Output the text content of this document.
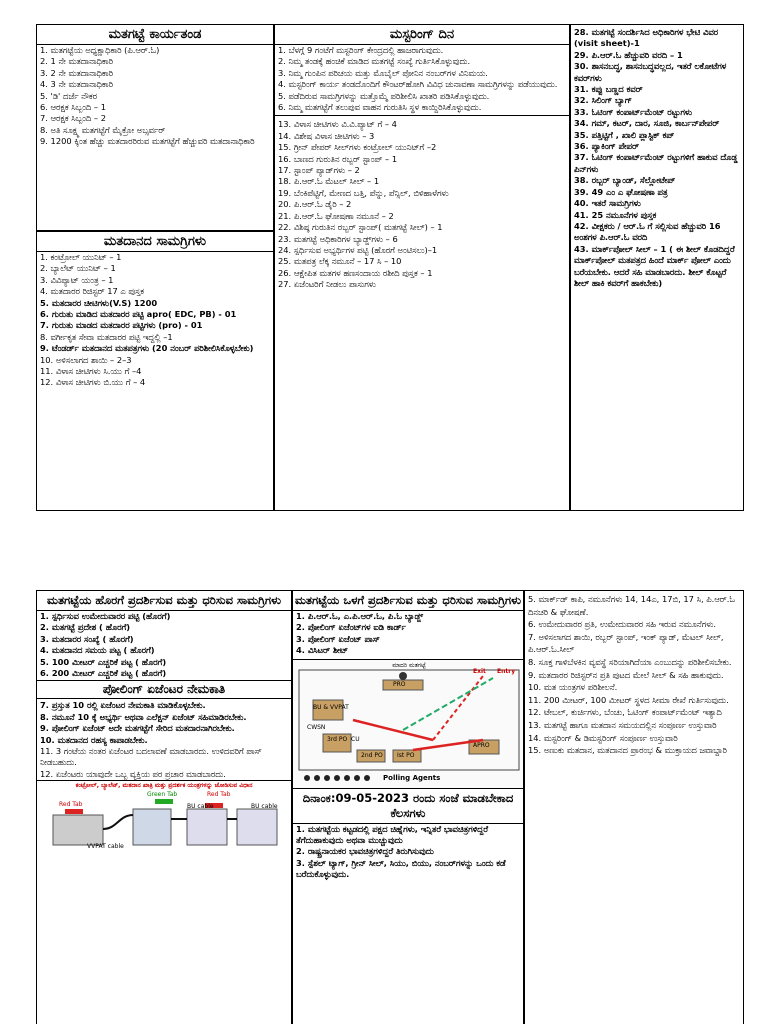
ಮತಗಟ್ಟೆ ಕಾರ್ಯತಂಡ
1. ಮತಗಟ್ಟೆಯ ಅಧ್ಯಕ್ಷಾಧಿಕಾರಿ (ಪಿ.ಆರ್.ಓ)
2. 1 ನೇ ಮತದಾನಾಧಿಕಾರಿ
3. 2 ನೇ ಮತದಾನಾಧಿಕಾರಿ
4. 3 ನೇ ಮತದಾನಾಧಿಕಾರಿ
5. 'ಡಿ' ದರ್ಜೆ ನೌಕರ
6. ಆರಕ್ಷಕ ಸಿಬ್ಬಂದಿ – 1
7. ಆರಕ್ಷಕ ಸಿಬ್ಬಂದಿ – 2
8. ಅತಿ ಸೂಕ್ಷ್ಮ ಮತಗಟ್ಟೆಗೆ ಮೈಕ್ರೋ ಅಬ್ಸರ್ವರ್
9. 1200 ಕ್ಕಿಂತ ಹೆಚ್ಚು ಮತದಾರರಿರುವ ಮತಗಟ್ಟೆಗೆ ಹೆಚ್ಚುವರಿ ಮತದಾನಾಧಿಕಾರಿ
ಮತದಾನದ ಸಾಮಗ್ರಿಗಳು
1. ಕಂಟ್ರೋಲ್ ಯುನಿಟ್ – 1
2. ಬ್ಯಾಲೆಟ್ ಯುನಿಟ್ – 1
3. ವಿವಿಪ್ಯಾಟ್ ಯಂತ್ರ – 1
4. ಮತದಾರರ ರಿಜಿಸ್ಟರ್ 17 ಎ ಪುಸ್ತಕ
5. ಮತದಾರರ ಚೀಟಿಗಳು(V.S) 1200
6. ಗುರುತು ಮಾಡಿದ ಮತದಾರರ ಪಟ್ಟಿ apro( EDC, PB) - 01
7. ಗುರುತು ಮಾಡದ ಮತದಾರರ ಪಟ್ಟಿಗಳು (pro) - 01
8. ವರ್ಗೀಕೃತ ಸೇವಾ ಮತದಾರರ ಪಟ್ಟಿ ಇದ್ದಲ್ಲಿ –1
9. ಟೆಂಡರ್ಡ್ ಮತದಾನದ ಮತಪತ್ರಗಳು (20 ನಂಬರ್ ಪರಿಶೀಲಿಸಿಕೊಳ್ಳಬೇಕು)
10. ಅಳಿಸಲಾಗದ ಶಾಯಿ – 2–3
11. ವಿಳಾಸ ಚೀಟಿಗಳು ಸಿ.ಯು ಗೆ –4
12. ವಿಳಾಸ ಚೀಟಿಗಳು ಬಿ.ಯು ಗೆ – 4
ಮಸ್ಟರಿಂಗ್ ದಿನ
1. ಬೆಳಗ್ಗೆ 9 ಗಂಟೆಗೆ ಮಸ್ಟರಿಂಗ್ ಕೇಂದ್ರದಲ್ಲಿ ಹಾಜರಾಗುವುದು.
2. ನಿಮ್ಮ ತಂಡಕ್ಕೆ ಹಂಚಿಕೆ ಮಾಡಿದ ಮತಗಟ್ಟೆ ಸಂಖ್ಯೆ ಗುರ್ತಿಸಿಕೊಳ್ಳುವುದು.
3. ನಿಮ್ಮ ಗುಂಪಿನ ಪರಿಚಯ ಮತ್ತು ಮೊಬೈಲ್ ಪೋನಿನ ನಂಬರ್‌ಗಳ ವಿನಿಮಯ.
4. ಮಸ್ಟರಿಂಗ್ ಕಾರ್ಯ ತಂಡದೊಂದಿಗೆ ಕೌಂಟರ್‌ಹೋಗಿ ವಿವಿಧ ಚುನಾವಣಾ ಸಾಮಗ್ರಿಗಳನ್ನು ಪಡೆಯುವುದು.
5. ಪಡೆದಿರುವ ಸಾಮಗ್ರಿಗಳನ್ನು ಮತ್ತೊಮ್ಮೆ ಪರಿಶೀಲಿಸಿ ಖಾತರಿ ಪಡಿಸಿಕೊಳ್ಳುವುದು.
6. ನಿಮ್ಮ ಮತಗಟ್ಟೆಗೆ ತಲುಪುವ ವಾಹನ ಗುರುತಿಸಿ ಸ್ಥಳ ಕಾಯ್ದಿರಿಸಿಕೊಳ್ಳುವುದು.
13. ವಿಳಾಸ ಚೀಟಿಗಳು ವಿ.ವಿ.ಪ್ಯಾಟ್ ಗೆ – 4
14. ವಿಶೇಷ ವಿಳಾಸ ಚೀಟಿಗಳು – 3
15. ಗ್ರೀನ್ ಪೇಪರ್ ಸೀಲ್‌ಗಳು ಕಂಟ್ರೋಲ್ ಯುನಿಟ್‌ಗೆ –2
16. ಬಾಣದ ಗುರುತಿನ ರಬ್ಬರ್ ಸ್ಟಾಂಪ್ – 1
17. ಸ್ಟಾಂಪ್ ಪ್ಯಾಡ್‌ಗಳು – 2
18. ಪಿ.ಆರ್.ಓ ಮೆಟಲ್ ಸೀಲ್ – 1
19. ಬೆಂಕಿಪೆಟ್ಟಿಗೆ, ಮೇಣದ ಬತ್ತಿ, ಪೆನ್ನು, ಪೆನ್ಸಿಲ್, ಬಿಳಿಹಾಳೆಗಳು
20. ಪಿ.ಆರ್.ಓ ಡೈರಿ – 2
21. ಪಿ.ಆರ್.ಓ ಘೋಷಣಾ ನಮೂನೆ – 2
22. ವಿಶಿಷ್ಠ ಗುರುತಿನ ರಬ್ಬರ್ ಸ್ಟಾಂಪ್( ಮತಗಟ್ಟೆ ಸೀಲ್) – 1
23. ಮತಗಟ್ಟೆ ಅಧಿಕಾರಿಗಳ ಬ್ಯಾಡ್ಜ್‌ಗಳು – 6
24. ಸ್ಪರ್ಧಿಸುವ ಅಭ್ಯರ್ಥಿಗಳ ಪಟ್ಟಿ (ಹೊರಗೆ ಅಂಟಿಸಲು)–1
25. ಮತಪತ್ರ ಲೆಕ್ಕ ನಮೂನೆ – 17 ಸಿ – 10
26. ಆಕ್ಷೇಪಿತ ಮತಗಳ ಹಣಸಂದಾಯ ರಶೀದಿ ಪುಸ್ತಕ – 1
27. ಏಜೆಂಟರಿಗೆ ನೀಡಲು ಪಾಸುಗಳು
28. ಮತಗಟ್ಟೆ ಸಂದರ್ಶಿಸಿದ ಅಧಿಕಾರಿಗಳ ಭೇಟಿ ವಿವರ (visit sheet)-1
29. ಪಿ.ಆರ್.ಓ ಹೆಚ್ಚುವರಿ ವರದಿ – 1
30. ಶಾಸನಬದ್ಧ, ಶಾಸನಬದ್ಧವಲ್ಲದ, ಇತರೆ ಲಕೋಟೆಗಳ ಕವರ್‌ಗಳು
31. ಕಪ್ಪು ಬಣ್ಣದ ಕವರ್
32. ಸಿಲಿಂಗ್ ಬ್ಯಾಗ್
33. ಓಟಿಂಗ್ ಕಂಪಾರ್ಟ್‌ಮೆಂಟ್ ರಟ್ಟುಗಳು
34. ಗಮ್, ಕಟರ್, ದಾರ, ಸೂಜಿ, ಕಾರ್ಬನ್‌ಪೇಪರ್
35. ಪತ್ತಿಟ್ಟಿಗೆ , ಖಾಲಿ ಪ್ಲಾಸ್ಟಿಕ್ ಕಪ್
36. ಪ್ಯಾಕಿಂಗ್ ಪೇಪರ್
37. ಓಟಿಂಗ್ ಕಂಪಾರ್ಟ್‌ಮೆಂಟ್ ರಟ್ಟುಗಳಿಗೆ ಹಾಕುವ ದೊಡ್ಡ ಪಿನ್‌ಗಳು
38. ರಬ್ಬರ್ ಬ್ಯಾಂಡ್, ಸೆಲ್ಲೋಟೇಪ್
39. 49 ಎಂ ಎ ಘೋಷಣಾ ಪತ್ರ
40. ಇತರೆ ಸಾಮಗ್ರಿಗಳು
41. 25 ನಮೂನೆಗಳ ಪುಸ್ತಕ
42. ವೀಕ್ಷಕರು / ಆರ್.ಓ ಗೆ ಸಲ್ಲಿಸುವ ಹೆಚ್ಚುವರಿ 16 ಅಂಶಗಳ ಪಿ.ಆರ್.ಓ ವರದಿ
43. ಮಾರ್ಕ್‌ಪೋಲ್ ಸೀಲ್ – 1 ( ಈ ಶೀಲ್ ಕೊಡದಿದ್ದರೆ ಮಾರ್ಕ್‌ಪೋಲ್ ಮತಪತ್ರದ ಹಿಂದೆ ಮಾರ್ಕ್ ಪೋಲ್ ಎಂದು ಬರೆಯಬೇಕು. ಆದರೆ ಸಹಿ ಮಾಡಬಾರದು. ಶೀಲ್ ಕೊಟ್ಟರೆ ಶೀಲ್ ಹಾಕಿ ಕವರ್‌ಗೆ ಹಾಕಬೇಕು)
ಮತಗಟ್ಟೆಯ ಹೊರಗೆ ಪ್ರದರ್ಶಿಸುವ ಮತ್ತು ಧರಿಸುವ ಸಾಮಗ್ರಿಗಳು
1. ಸ್ಪರ್ಧಿಸುವ ಉಮೇದುವಾರರ ಪಟ್ಟಿ (ಹೊರಗೆ)
2. ಮತಗಟ್ಟೆ ಪ್ರದೇಶ ( ಹೊರಗೆ)
3. ಮತದಾರರ ಸಂಖ್ಯೆ ( ಹೊರಗೆ)
4. ಮತದಾನದ ಸಮಯ ಪಟ್ಟ ( ಹೊರಗೆ)
5. 100 ಮೀಟರ್ ಎಚ್ಚರಿಕೆ ಪಟ್ಟ ( ಹೊರಗೆ)
6. 200 ಮೀಟರ್ ಎಚ್ಚರಿಕೆ ಪಟ್ಟ ( ಹೊರಗೆ)
ಪೋಲಿಂಗ್ ಏಜೆಂಟರ ನೇಮಕಾತಿ
7. ಪ್ರಸ್ತುತ 10 ರಲ್ಲಿ ಏಜೆಂಟರ ನೇಮಕಾತಿ ಮಾಡಿಕೊಳ್ಳಬೇಕು.
8. ನಮೂನೆ 10 ಕ್ಕೆ ಅಭ್ಯರ್ಥಿ ಅಥವಾ ಎಲೆಕ್ಷನ್ ಏಜೆಂಟ್ ಸಹಿಮಾಡಿರಬೇಕು.
9. ಪೋಲಿಂಗ್ ಏಜೆಂಟ್ ಅದೇ ಮತಗಟ್ಟೆಗೆ ಸೇರಿದ ಮತದಾರನಾಗಿರಬೇಕು.
10. ಮತದಾನದ ರಹಸ್ಯ ಕಾಪಾಡಬೇಕು.
11. 3 ಗಂಟೆಯ ನಂತರ ಏಜೆಂಟರ ಬದಲಾವಣೆ ಮಾಡಬಾರದು. ಉಳಿದವರಿಗೆ ಪಾಸ್ ನೀಡಬಹುದು.
12. ಏಜೆಂಟರು ಯಾವುದೇ ಒಬ್ಬ ವ್ಯಕ್ತಿಯ ಪರ ಪ್ರಚಾರ ಮಾಡಬಾರದು.
ಕಂಟ್ರೋಲ್, ಬ್ಯಾಲೆಟ್, ಮತದಾನ ಖಾತ್ರಿ ಮತ್ತು ಪ್ರದರ್ಶಕ ಯಂತ್ರಗಳನ್ನು ಜೋಡಿಸುವ ವಿಧಾನ
Green Tab	Red Tab
BU cable	BU cable
Red Tab
VVPAT cable
ಮತಗಟ್ಟೆಯ ಒಳಗೆ ಪ್ರದರ್ಶಿಸುವ ಮತ್ತು ಧರಿಸುವ ಸಾಮಗ್ರಿಗಳು
1. ಪಿ.ಆರ್.ಓ, ಎ.ಪಿ.ಆರ್.ಓ, ಪಿ.ಓ ಬ್ಯಾಡ್ಜ್
2. ಪೋಲಿಂಗ್ ಏಜೆಂಟ್‌ಗಳ ಐಡಿ ಕಾರ್ಡ್
3. ಪೋಲಿಂಗ್ ಏಜೆಂಟ್ ಪಾಸ್
4. ವಿಸಿಟರ್ ಶೀಟ್
ಮಾದರಿ ಮತಗಟ್ಟೆ
PRO
Exit Entry
BU & VVPAT
CU
CWSN
Ist PO
2nd PO
3rd PO
APRO
Polling Agents
ದಿನಾಂಕ:09-05-2023 ರಂದು ಸಂಜೆ ಮಾಡಬೇಕಾದ ಕೆಲಸಗಳು
1. ಮತಗಟ್ಟೆಯ ಕಟ್ಟಡದಲ್ಲಿ ಪಕ್ಷದ ಚಿಹ್ನೆಗಳು, ಇನ್ನಿತರೆ ಭಾವಚಿತ್ರಗಳಿದ್ದರೆ ತೆಗೆದುಹಾಕುವುದು ಅಥವಾ ಮುಚ್ಚುವುದು
2. ರಾಷ್ಟ್ರನಾಯಕರ ಭಾವಚಿತ್ರಗಳಿದ್ದರೆ ತಿರುಗಿಸುವುದು
3. ಸ್ಪೆಶಲ್ ಟ್ಯಾಗ್, ಗ್ರೀನ್ ಸೀಲ್, ಸಿಯು, ಬಿಯು, ನಂಬರ್‌ಗಳನ್ನು ಒಂದು ಕಡೆ ಬರೆದುಕೊಳ್ಳುವುದು.
5. ಮಾರ್ಕ್‌ಡ್ ಕಾಪಿ, ನಮೂನೆಗಳು 14, 14ಎ, 17ಬಿ, 17 ಸಿ, ಪಿ.ಆರ್.ಓ ದಿನಚರಿ & ಘೋಷಣೆ.
6. ಉಮೇದುವಾರರ ಪ್ರತಿ, ಉಮೇದುವಾರರ ಸಹಿ ಇರುವ ನಮೂನೆಗಳು.
7. ಅಳಿಸಲಾಗದ ಶಾಯಿ, ರಬ್ಬರ್ ಸ್ಟಾಂಪ್, ಇಂಕ್ ಪ್ಯಾಡ್, ಮೆಟಲ್ ಸೀಲ್, ಪಿ.ಆರ್.ಓ.ಸೀಲ್
8. ಸೂಕ್ತ ಗಾಳಿಬೆಳಕಿನ ವ್ಯವಸ್ಥೆ ಸರಿಯಾಗಿದೆಯಾ ಎಂಬುದನ್ನು ಪರಿಶೀಲಿಸಬೇಕು.
9. ಮತದಾರರ ರಿಜಿಸ್ಟರ್‌ನ ಪ್ರತಿ ಪುಟದ ಮೇಲೆ ಸೀಲ್ & ಸಹಿ ಹಾಕುವುದು.
10. ಮತ ಯಂತ್ರಗಳ ಪರಿಶೀಲನೆ.
11. 200 ಮೀಟರ್, 100 ಮೀಟರ್ ಸ್ಥಳದ ಸೀಮಾ ರೇಖೆ ಗುರ್ತಿಸುವುದು.
12. ಟೇಬಲ್, ಕುರ್ಚಿಗಳು, ಬೆಂಚು, ಓಟಿಂಗ್ ಕಂಪಾರ್ಟ್‌ಮೆಂಟ್ ಇತ್ಯಾದಿ
13. ಮತಗಟ್ಟೆ ಹಾಗೂ ಮತದಾನ ಸಮಯದಲ್ಲಿನ ಸಂಪೂರ್ಣ ಉಸ್ತುವಾರಿ
14. ಮಸ್ಟರಿಂಗ್ & ಡಿಮಸ್ಟರಿಂಗ್ ಸಂಪೂರ್ಣ ಉಸ್ತುವಾರಿ
15. ಅಣುಕು ಮತದಾನ, ಮತದಾನದ ಪ್ರಾರಂಭ & ಮುಕ್ತಾಯದ ಜವಾಬ್ದಾರಿ
